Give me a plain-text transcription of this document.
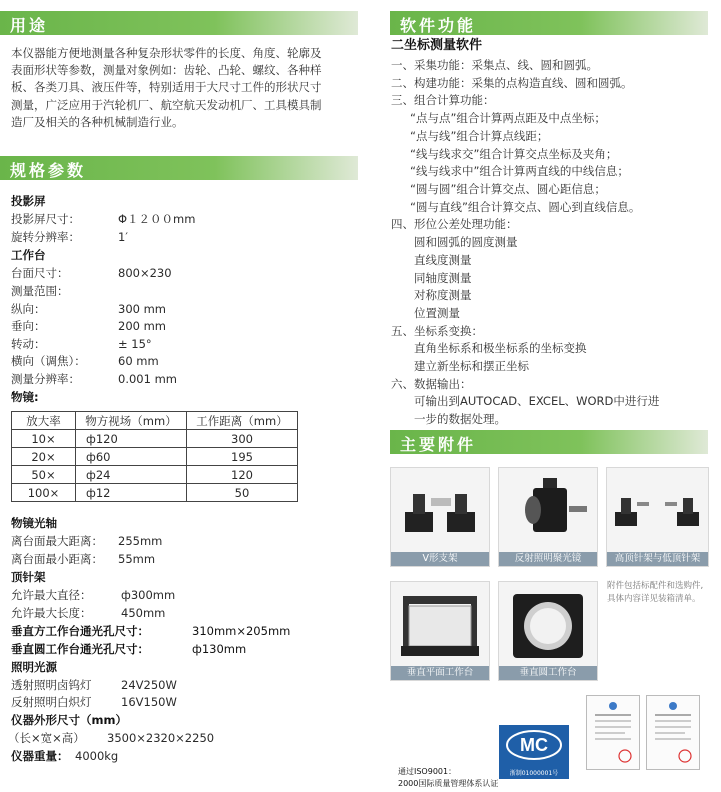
用途
本仪器能方便地测量各种复杂形状零件的长度、角度、轮廓及
表面形状等参数，测量对象例如：齿轮、凸轮、螺纹、各种样
板、各类刀具、液压件等，特别适用于大尺寸工件的形状尺寸
测量，广泛应用于汽轮机厂、航空航天发动机厂、工具模具制
造厂及相关的各种机械制造行业。
规格参数
投影屏
投影屏尺寸：	Φ１２００mm
旋转分辨率：	1′
工作台
台面尺寸：	800×230
测量范围：
纵向：	300 mm
垂向：	200 mm
转动：	± 15°
横向（调焦）：	60 mm
测量分辨率：	0.001 mm
物镜:
放大率	物方视场（mm）	工作距离（mm）
10×	ф120	300
20×	ф60	195
50×	ф24	120
100×	ф12	50
物镜光轴
离台面最大距离： 255mm
离台面最小距离： 55mm
顶针架
允许最大直径：	ф300mm
允许最大长度：	450mm
垂直方工作台通光孔尺寸：	310mm×205mm
垂直圆工作台通光孔尺寸：	ф130mm
照明光源
透射照明卤钨灯	24V250W
反射照明白炽灯	16V150W
仪器外形尺寸（mm）
（长×宽×高） 3500×2320×2250
仪器重量： 4000kg
软件功能
二坐标测量软件
一、采集功能：采集点、线、圆和圆弧。
二、构建功能：采集的点构造直线、圆和圆弧。
三、组合计算功能：
“点与点”组合计算两点距及中点坐标；
“点与线”组合计算点线距；
“线与线求交”组合计算交点坐标及夹角；
“线与线求中”组合计算两直线的中线信息；
“圆与圆”组合计算交点、圆心距信息；
“圆与直线”组合计算交点、圆心到直线信息。
四、形位公差处理功能：
圆和圆弧的圆度测量
直线度测量
同轴度测量
对称度测量
位置测量
五、坐标系变换：
直角坐标系和极坐标系的坐标变换
建立新坐标和摆正坐标
六、数据输出：
可输出到AUTOCAD、EXCEL、WORD中进行进
一步的数据处理。
主要附件
V形支架	反射照明聚光镜	高顶针架与低顶针架
垂直平面工作台	垂直圆工作台
附件包括标配件和选购件,
具体内容详见装箱清单。
MC
浙制01000001号
通过ISO9001：
2000国际质量管理体系认证
